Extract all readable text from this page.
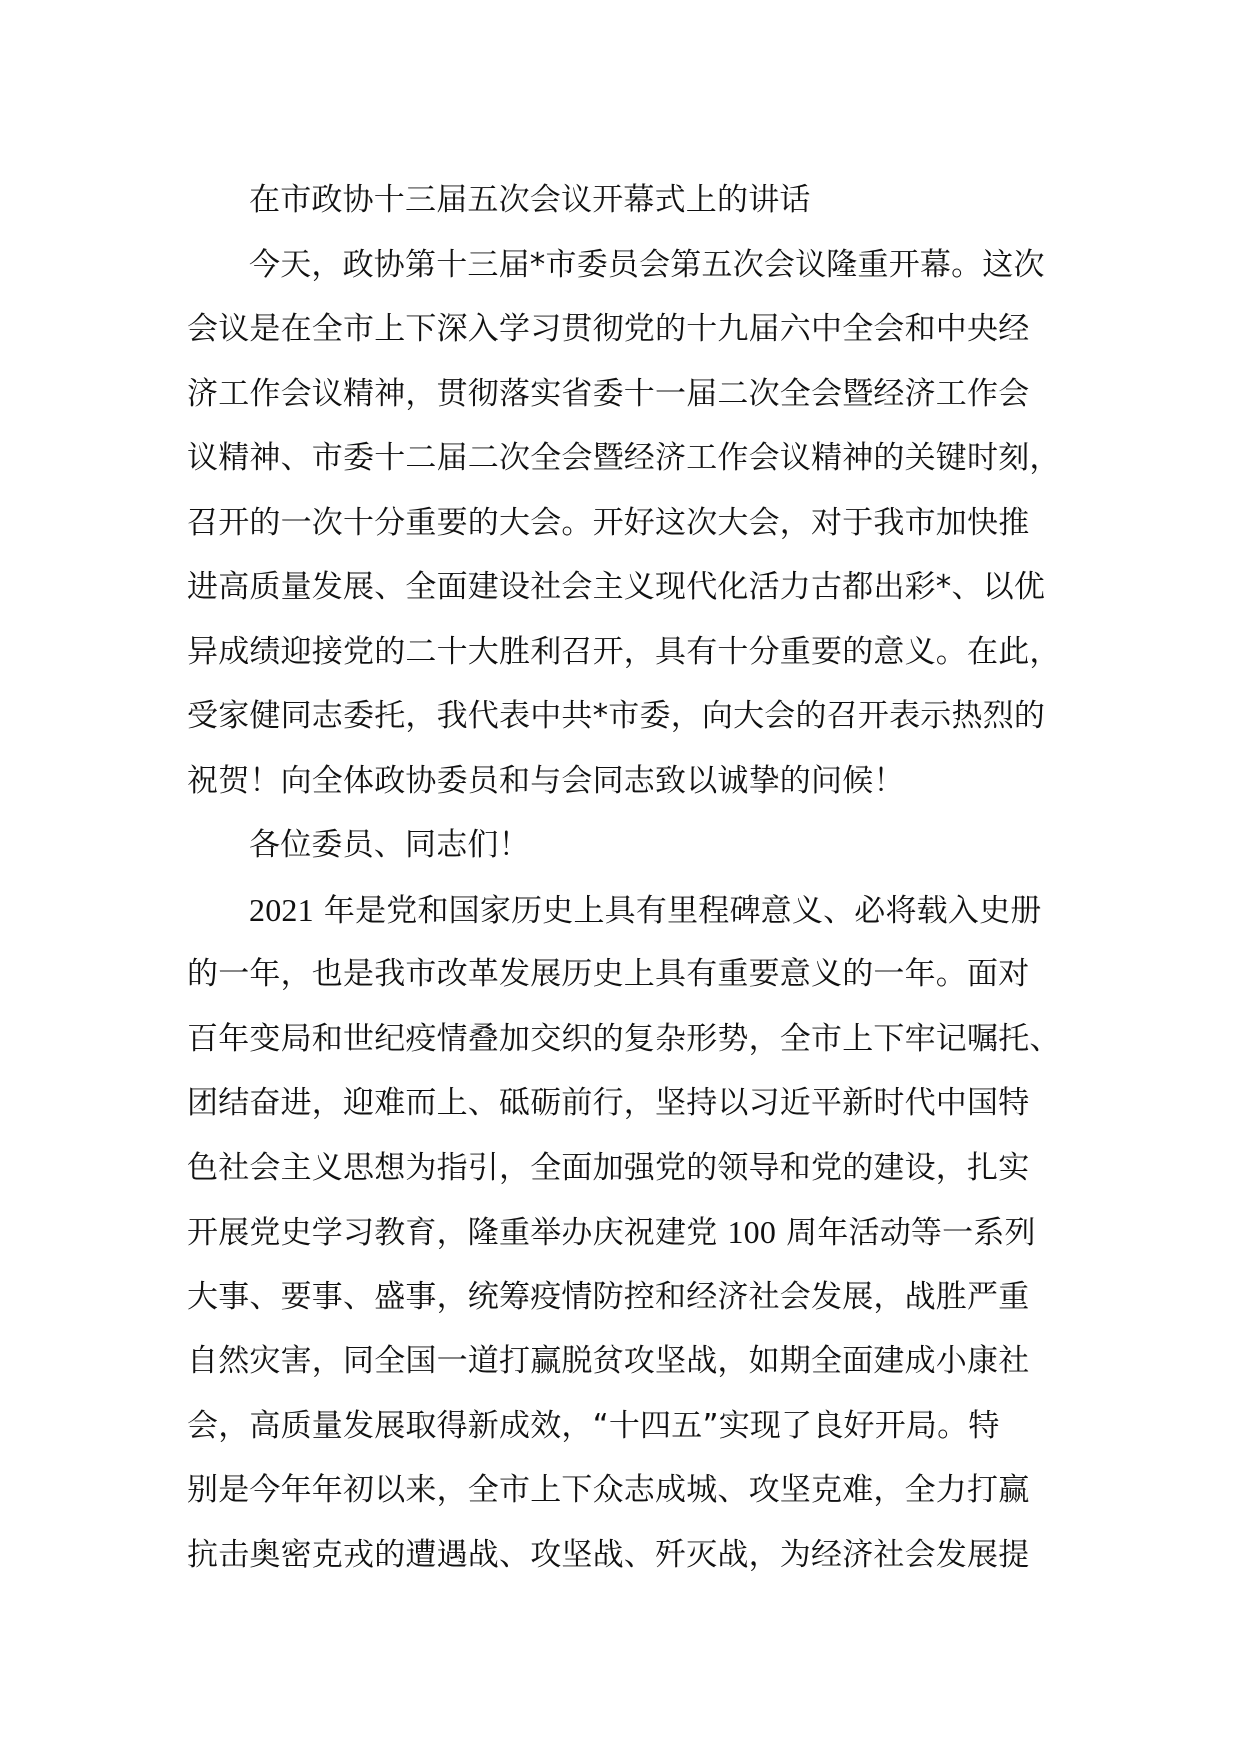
在市政协十三届五次会议开幕式上的讲话
今天，政协第十三届*市委员会第五次会议隆重开幕。这次
会议是在全市上下深入学习贯彻党的十九届六中全会和中央经
济工作会议精神，贯彻落实省委十一届二次全会暨经济工作会
议精神、市委十二届二次全会暨经济工作会议精神的关键时刻，
召开的一次十分重要的大会。开好这次大会，对于我市加快推
进高质量发展、全面建设社会主义现代化活力古都出彩*、以优
异成绩迎接党的二十大胜利召开，具有十分重要的意义。在此，
受家健同志委托，我代表中共*市委，向大会的召开表示热烈的
祝贺！向全体政协委员和与会同志致以诚挚的问候！
各位委员、同志们！
2021 年是党和国家历史上具有里程碑意义、必将载入史册
的一年，也是我市改革发展历史上具有重要意义的一年。面对
百年变局和世纪疫情叠加交织的复杂形势，全市上下牢记嘱托、
团结奋进，迎难而上、砥砺前行，坚持以习近平新时代中国特
色社会主义思想为指引，全面加强党的领导和党的建设，扎实
开展党史学习教育，隆重举办庆祝建党 100 周年活动等一系列
大事、要事、盛事，统筹疫情防控和经济社会发展，战胜严重
自然灾害，同全国一道打赢脱贫攻坚战，如期全面建成小康社
会，高质量发展取得新成效，“十四五”实现了良好开局。特
别是今年年初以来，全市上下众志成城、攻坚克难，全力打赢
抗击奥密克戎的遭遇战、攻坚战、歼灭战，为经济社会发展提
